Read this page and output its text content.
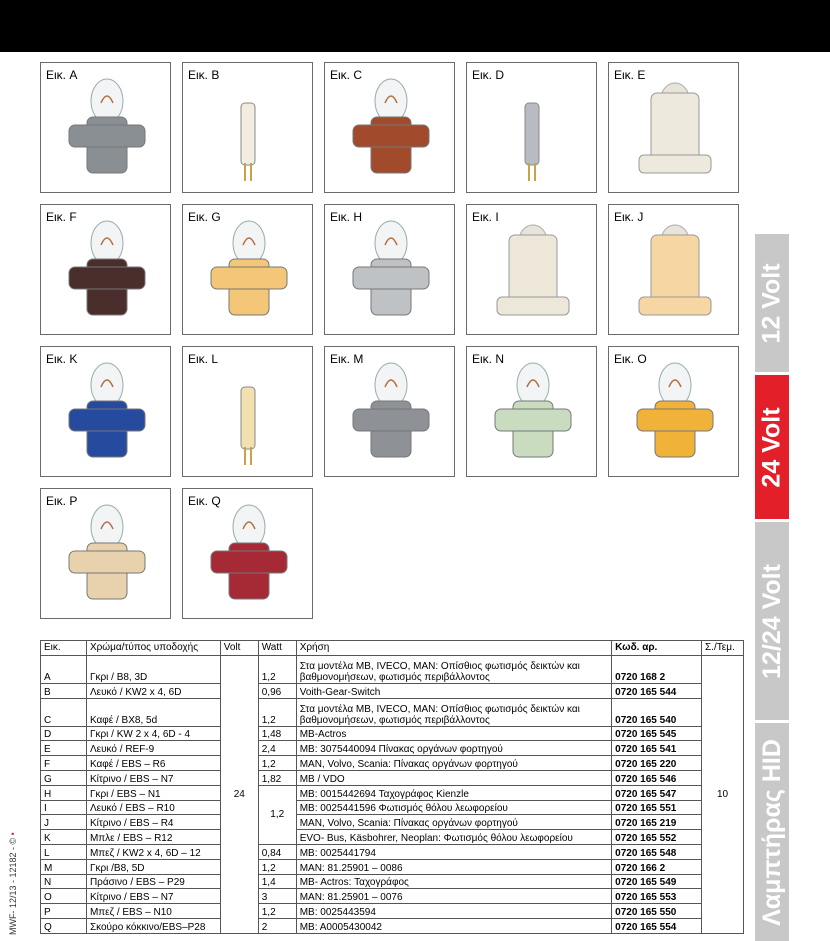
Εικ. A	Εικ. B	Εικ. C	Εικ. D	Εικ. E
Εικ. F	Εικ. G	Εικ. H	Εικ. I	Εικ. J
Εικ. K	Εικ. L	Εικ. M	Εικ. N	Εικ. O
Εικ. P	Εικ. Q
12 Volt
24 Volt
12/24 Volt
Λαμπτήρας HID
Εικ.	Χρώμα/τύπος υποδοχής	Volt	Watt	Χρήση	Κωδ. αρ.	Σ./Τεμ.
A	Γκρι / B8, 3D	24	1,2	Στα μοντέλα MB, IVECO, MAN: Οπίσθιος φωτισμός δεικτών και βαθμονομήσεων, φωτισμός περιβάλλοντος	0720 168 2	10
B	Λευκό / KW2 x 4, 6D		0,96	Voith-Gear-Switch	0720 165 544	
C	Καφέ / BX8, 5d		1,2	Στα μοντέλα MB, IVECO, MAN: Οπίσθιος φωτισμός δεικτών και βαθμονομήσεων, φωτισμός περιβάλλοντος	0720 165 540	
D	Γκρι / KW 2 x 4, 6D - 4		1,48	MB-Actros	0720 165 545	
E	Λευκό / REF-9		2,4	MB: 3075440094 Πίνακας οργάνων φορτηγού	0720 165 541	
F	Καφέ / EBS – R6		1,2	MAN, Volvo, Scania: Πίνακας οργάνων φορτηγού	0720 165 220	
G	Κίτρινο / EBS – N7		1,82	MB / VDO	0720 165 546	
H	Γκρι / EBS – N1		1,2	MB: 0015442694 Ταχογράφος Kienzle	0720 165 547	
I	Λευκό / EBS – R10			MB: 0025441596 Φωτισμός θόλου λεωφορείου	0720 165 551	
J	Κίτρινο / EBS – R4			MAN, Volvo, Scania: Πίνακας οργάνων φορτηγού	0720 165 219	
K	Μπλε / EBS – R12			EVO- Bus, Käsbohrer, Neoplan: Φωτισμός θόλου λεωφορείου	0720 165 552	
L	Μπεζ / KW2 x 4, 6D – 12		0,84	MB: 0025441794	0720 165 548	
M	Γκρι /B8, 5D		1,2	MAN: 81.25901 – 0086	0720 166 2	
N	Πράσινο / EBS – P29		1,4	MB- Actros: Ταχογράφος	0720 165 549	
O	Κίτρινο / EBS – N7		3	MAN: 81.25901 – 0076	0720 165 553	
P	Μπεζ / EBS – N10		1,2	MB: 0025443594	0720 165 550	
Q	Σκούρο κόκκινο/EBS–P28		2	MB: A0005430042	0720 165 554	
MWF- 12/13 - 12182 - © •
